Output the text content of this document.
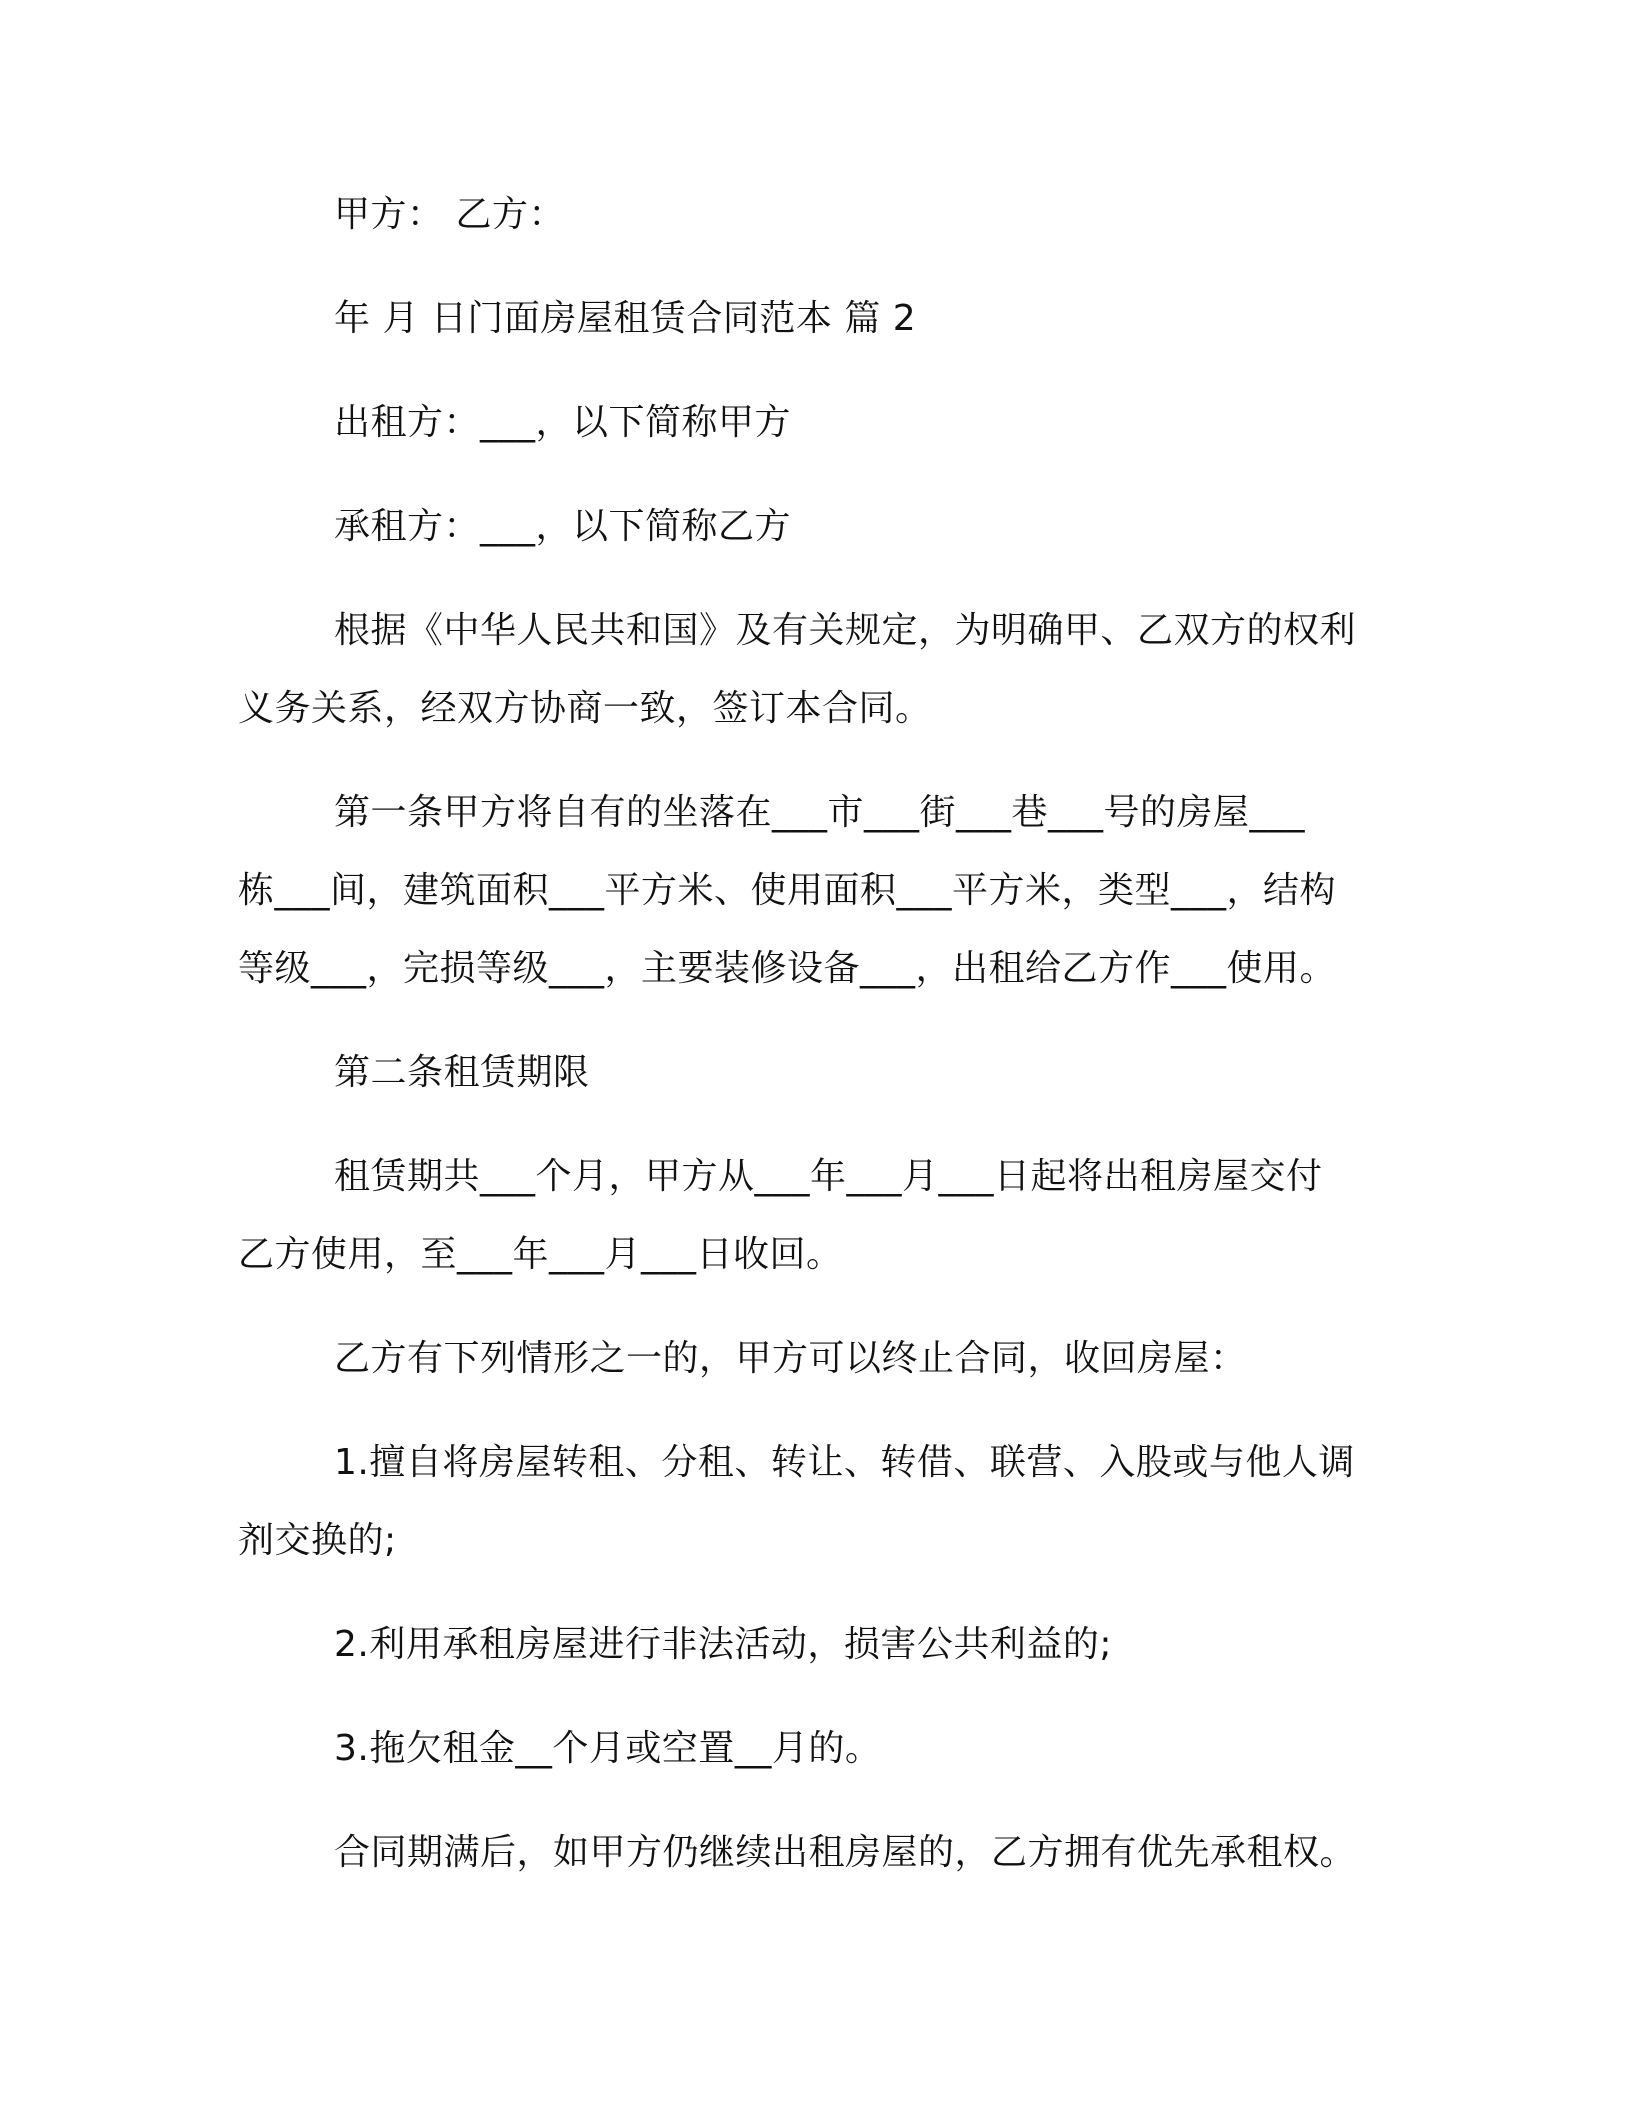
甲方： 乙方：
年 月 日门面房屋租赁合同范本 篇 2
出租方：___，以下简称甲方
承租方：___，以下简称乙方
根据《中华人民共和国》及有关规定，为明确甲、乙双方的权利
义务关系，经双方协商一致，签订本合同。
第一条甲方将自有的坐落在___市___街___巷___号的房屋___
栋___间，建筑面积___平方米、使用面积___平方米，类型___，结构
等级___，完损等级___，主要装修设备___，出租给乙方作___使用。
第二条租赁期限
租赁期共___个月，甲方从___年___月___日起将出租房屋交付
乙方使用，至___年___月___日收回。
乙方有下列情形之一的，甲方可以终止合同，收回房屋：
1.擅自将房屋转租、分租、转让、转借、联营、入股或与他人调
剂交换的;
2.利用承租房屋进行非法活动，损害公共利益的;
3.拖欠租金__个月或空置__月的。
合同期满后，如甲方仍继续出租房屋的，乙方拥有优先承租权。
